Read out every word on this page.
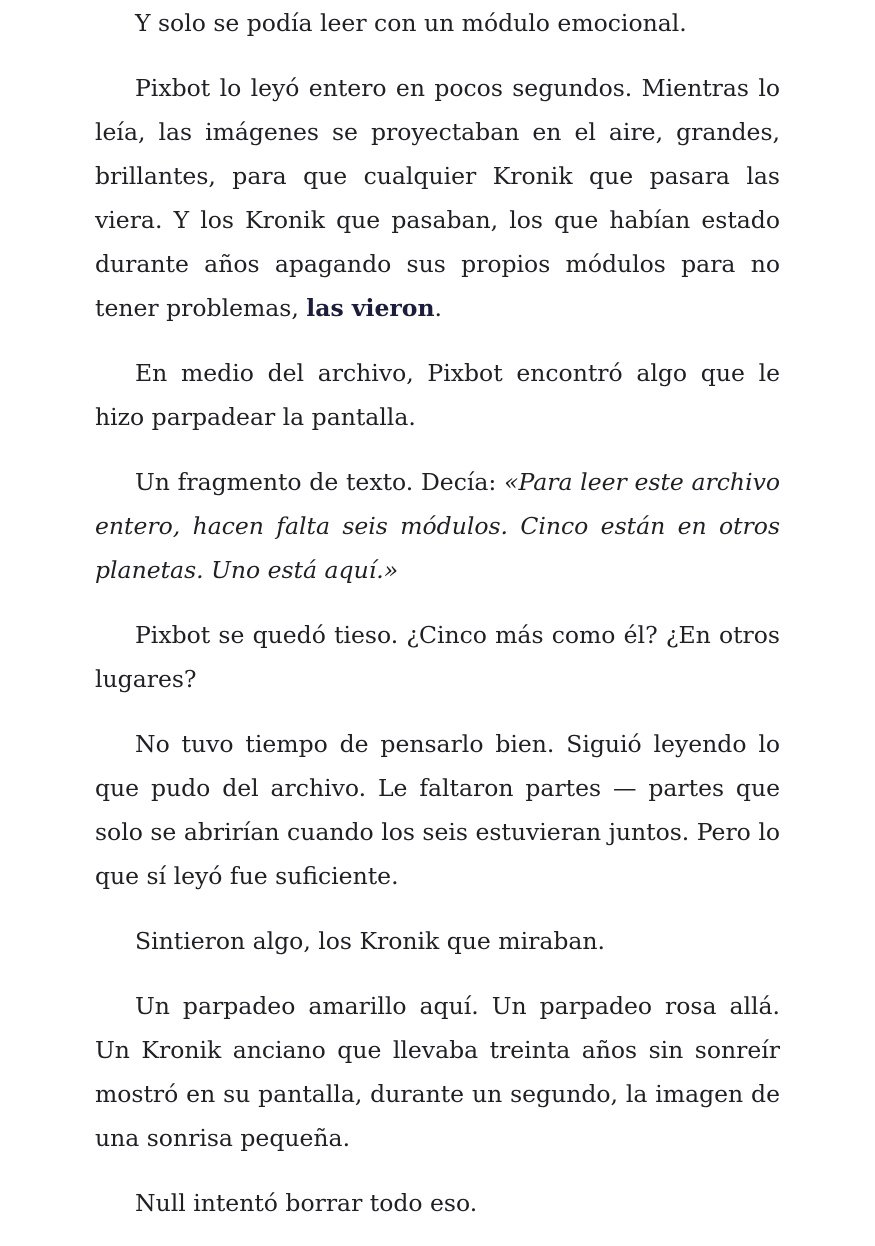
Y solo se podía leer con un módulo emocional.

Pixbot lo leyó entero en pocos segundos. Mientras lo leía, las imágenes se proyectaban en el aire, grandes, brillantes, para que cualquier Kronik que pasara las viera. Y los Kronik que pasaban, los que habían estado durante años apagando sus propios módulos para no tener problemas, las vieron.

En medio del archivo, Pixbot encontró algo que le hizo parpadear la pantalla.

Un fragmento de texto. Decía: «Para leer este archivo entero, hacen falta seis módulos. Cinco están en otros planetas. Uno está aquí.»

Pixbot se quedó tieso. ¿Cinco más como él? ¿En otros lugares?

No tuvo tiempo de pensarlo bien. Siguió leyendo lo que pudo del archivo. Le faltaron partes — partes que solo se abrirían cuando los seis estuvieran juntos. Pero lo que sí leyó fue suficiente.

Sintieron algo, los Kronik que miraban.

Un parpadeo amarillo aquí. Un parpadeo rosa allá. Un Kronik anciano que llevaba treinta años sin sonreír mostró en su pantalla, durante un segundo, la imagen de una sonrisa pequeña.

Null intentó borrar todo eso.
